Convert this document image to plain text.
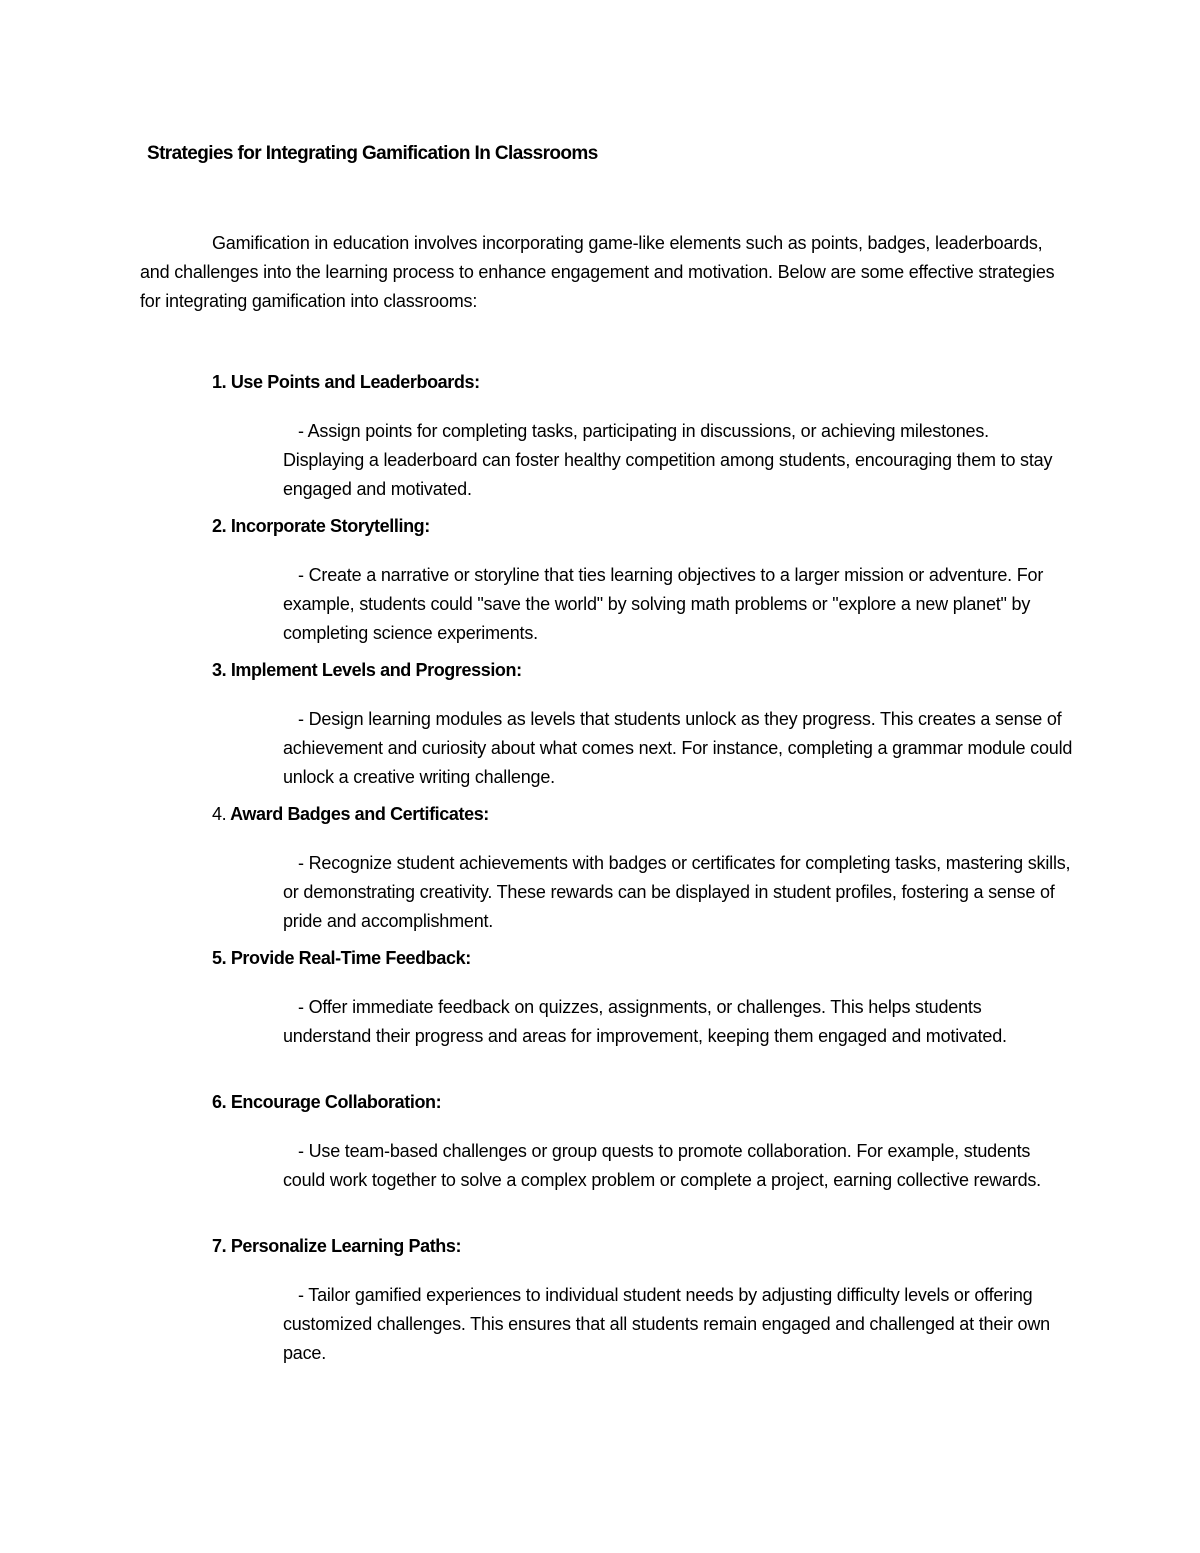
Strategies for Integrating Gamification In Classrooms

Gamification in education involves incorporating game-like elements such as points, badges, leaderboards, and challenges into the learning process to enhance engagement and motivation. Below are some effective strategies for integrating gamification into classrooms:

1. Use Points and Leaderboards:

- Assign points for completing tasks, participating in discussions, or achieving milestones. Displaying a leaderboard can foster healthy competition among students, encouraging them to stay engaged and motivated.

2. Incorporate Storytelling:

- Create a narrative or storyline that ties learning objectives to a larger mission or adventure. For example, students could "save the world" by solving math problems or "explore a new planet" by completing science experiments.

3. Implement Levels and Progression:

- Design learning modules as levels that students unlock as they progress. This creates a sense of achievement and curiosity about what comes next. For instance, completing a grammar module could unlock a creative writing challenge.

4. Award Badges and Certificates:

- Recognize student achievements with badges or certificates for completing tasks, mastering skills, or demonstrating creativity. These rewards can be displayed in student profiles, fostering a sense of pride and accomplishment.

5. Provide Real-Time Feedback:

- Offer immediate feedback on quizzes, assignments, or challenges. This helps students understand their progress and areas for improvement, keeping them engaged and motivated.

6. Encourage Collaboration:

- Use team-based challenges or group quests to promote collaboration. For example, students could work together to solve a complex problem or complete a project, earning collective rewards.

7. Personalize Learning Paths:

- Tailor gamified experiences to individual student needs by adjusting difficulty levels or offering customized challenges. This ensures that all students remain engaged and challenged at their own pace.
